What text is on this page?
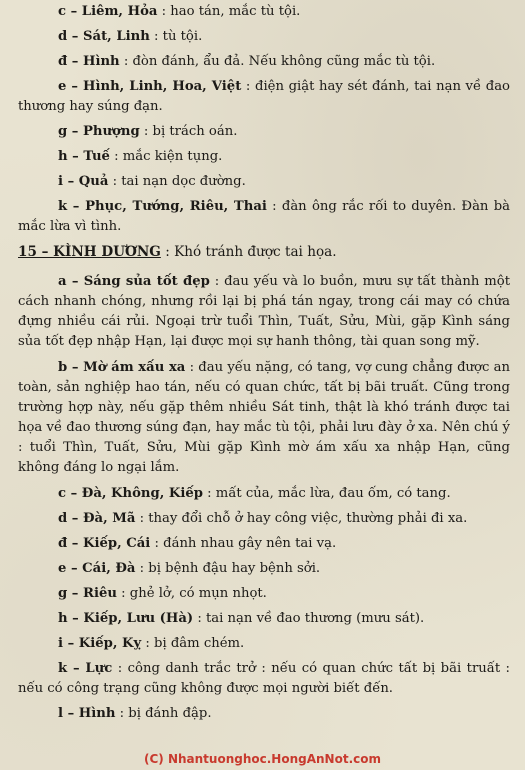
c – Liêm, Hỏa : hao tán, mắc tù tội.
d – Sát, Linh : tù tội.
đ – Hình : đòn đánh, ẩu đả. Nếu không cũng mắc tù tội.
e – Hình, Linh, Hoa, Việt : điện giật hay sét đánh, tai nạn về đao thương hay súng đạn.
g – Phượng : bị trách oán.
h – Tuế : mắc kiện tụng.
i – Quả : tai nạn dọc đường.
k – Phục, Tướng, Riêu, Thai : đàn ông rắc rối to duyên. Đàn bà mắc lừa vì tình.
15 – KÌNH DƯƠNG : Khó tránh được tai họa.
a – Sáng sủa tốt đẹp : đau yếu và lo buồn, mưu sự tất thành một cách nhanh chóng, nhưng rồi lại bị phá tán ngay, trong cái may có chứa đựng nhiều cái rủi. Ngoại trừ tuổi Thìn, Tuất, Sửu, Mùi, gặp Kình sáng sủa tốt đẹp nhập Hạn, lại được mọi sự hanh thông, tài quan song mỹ.
b – Mờ ám xấu xa : đau yếu nặng, có tang, vợ cung chẳng được an toàn, sản nghiệp hao tán, nếu có quan chức, tất bị bãi truất. Cũng trong trường hợp này, nếu gặp thêm nhiều Sát tinh, thật là khó tránh được tai họa về đao thương súng đạn, hay mắc tù tội, phải lưu đày ở xa. Nên chú ý : tuổi Thìn, Tuất, Sửu, Mùi gặp Kình mờ ám xấu xa nhập Hạn, cũng không đáng lo ngại lắm.
c – Đà, Không, Kiếp : mất của, mắc lừa, đau ốm, có tang.
d – Đà, Mã : thay đổi chỗ ở hay công việc, thường phải đi xa.
đ – Kiếp, Cái : đánh nhau gây nên tai vạ.
e – Cái, Đà : bị bệnh đậu hay bệnh sởi.
g – Riêu : ghẻ lở, có mụn nhọt.
h – Kiếp, Lưu (Hà) : tai nạn về đao thương (mưu sát).
i – Kiếp, Kỵ : bị đâm chém.
k – Lực : công danh trắc trở : nếu có quan chức tất bị bãi truất : nếu có công trạng cũng không được mọi người biết đến.
l – Hình : bị đánh đập.
(C) Nhantuonghoc.HongAnNot.com
